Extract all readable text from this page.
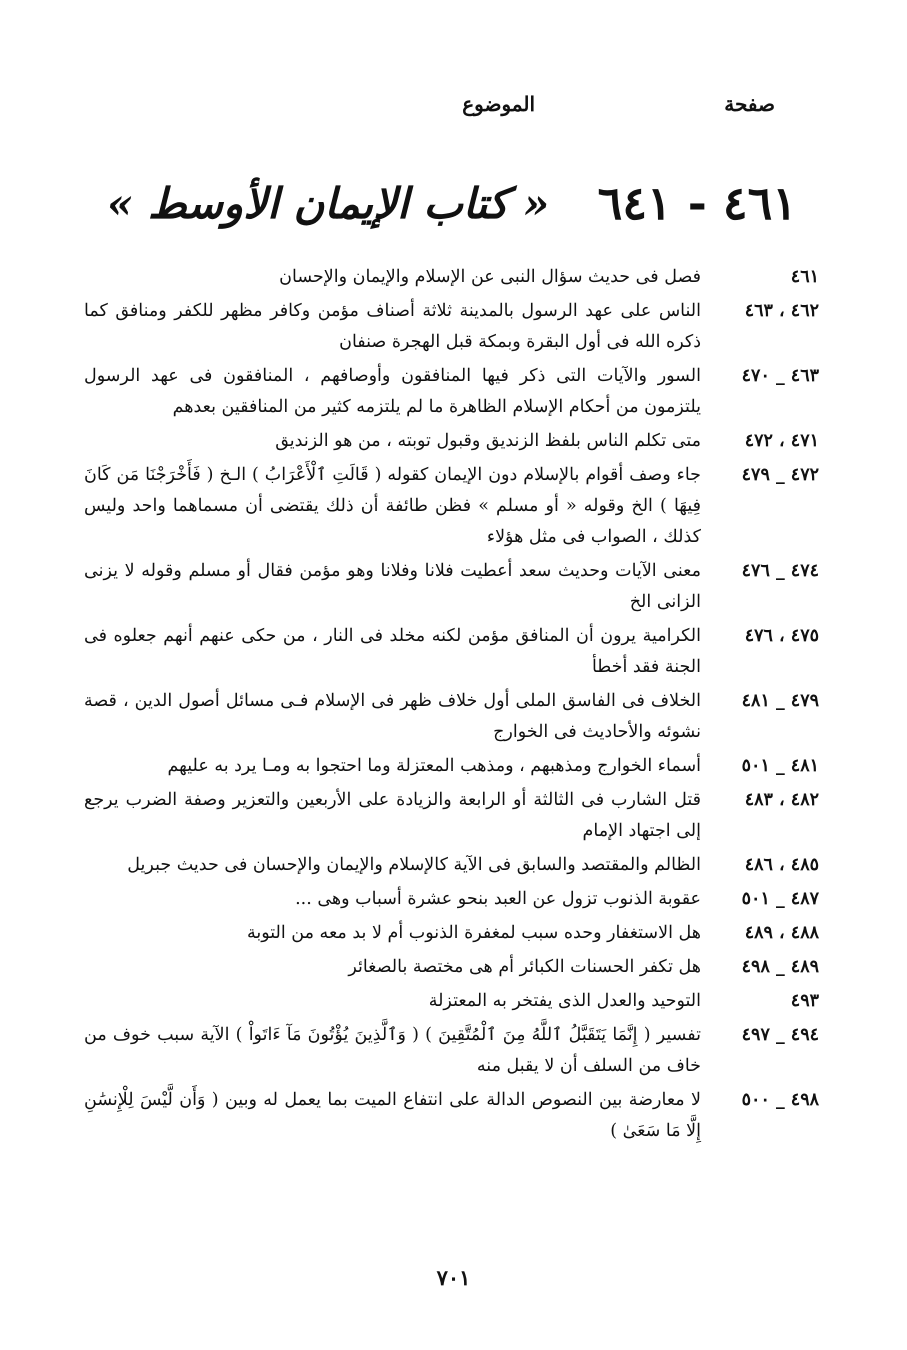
صفحة
الموضوع
٤٦١ - ٦٤١
« كتاب الإيمان الأوسط »
٤٦١
فصل فى حديث سؤال النبى عن الإسلام والإيمان والإحسان
٤٦٢ ، ٤٦٣
الناس على عهد الرسول بالمدينة ثلاثة أصناف مؤمن وكافر مظهر للكفر ومنافق كما ذكره الله فى أول البقرة وبمكة قبل الهجرة صنفان
٤٦٣ _ ٤٧٠
السور والآيات التى ذكر فيها المنافقون وأوصافهم ، المنافقون فى عهد الرسول يلتزمون من أحكام الإسلام الظاهرة ما لم يلتزمه كثير من المنافقين بعدهم
٤٧١ ، ٤٧٢
متى تكلم الناس بلفظ الزنديق وقبول توبته ، من هو الزنديق
٤٧٢ _ ٤٧٩
جاء وصف أقوام بالإسلام دون الإيمان كقوله ( قَالَتِ ٱلْأَعْرَابُ ) الـخ ( فَأَخْرَجْنَا مَن كَانَ فِيهَا ) الخ وقوله « أو مسلم » فظن طائفة أن ذلك يقتضى أن مسماهما واحد وليس كذلك ، الصواب فى مثل هؤلاء
٤٧٤ _ ٤٧٦
معنى الآيات وحديث سعد أعطيت فلانا وفلانا وهو مؤمن فقال أو مسلم وقوله لا يزنى الزانى الخ
٤٧٥ ، ٤٧٦
الكرامية يرون أن المنافق مؤمن لكنه مخلد فى النار ، من حكى عنهم أنهم جعلوه فى الجنة فقد أخطأ
٤٧٩ _ ٤٨١
الخلاف فى الفاسق الملى أول خلاف ظهر فى الإسلام فـى مسائل أصول الدين ، قصة نشوئه والأحاديث فى الخوارج
٤٨١ _ ٥٠١
أسماء الخوارج ومذهبهم ، ومذهب المعتزلة وما احتجوا به ومـا يرد به عليهم
٤٨٢ ، ٤٨٣
قتل الشارب فى الثالثة أو الرابعة والزيادة على الأربعين والتعزير وصفة الضرب يرجع إلى اجتهاد الإمام
٤٨٥ ، ٤٨٦
الظالم والمقتصد والسابق فى الآية كالإسلام والإيمان والإحسان فى حديث جبريل
٤٨٧ _ ٥٠١
عقوبة الذنوب تزول عن العبد بنحو عشرة أسباب وهى ...
٤٨٨ ، ٤٨٩
هل الاستغفار وحده سبب لمغفرة الذنوب أم لا بد معه من التوبة
٤٨٩ _ ٤٩٨
هل تكفر الحسنات الكبائر أم هى مختصة بالصغائر
٤٩٣
التوحيد والعدل الذى يفتخر به المعتزلة
٤٩٤ _ ٤٩٧
تفسير ( إِنَّمَا يَتَقَبَّلُ ٱللَّهُ مِنَ ٱلْمُتَّقِينَ ) ( وَٱلَّذِينَ يُؤْتُونَ مَآ ءَاتَواْ ) الآية سبب خوف من خاف من السلف أن لا يقبل منه
٤٩٨ _ ٥٠٠
لا معارضة بين النصوص الدالة على انتفاع الميت بما يعمل له وبين ( وَأَن لَّيْسَ لِلْإِنسَٰنِ إِلَّا مَا سَعَىٰ )
٧٠١
